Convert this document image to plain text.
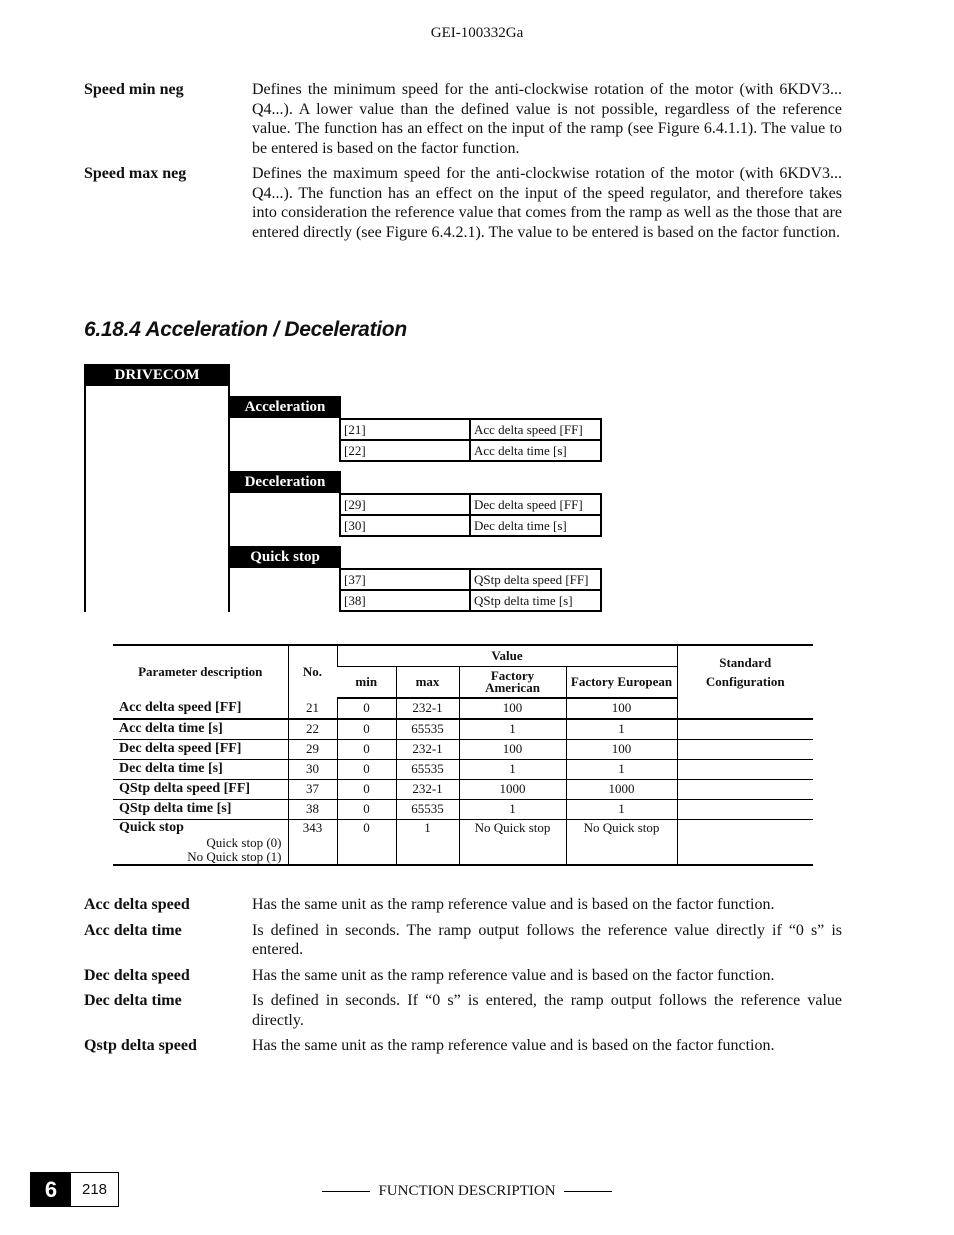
GEI-100332Ga
Speed min neg	Defines the minimum speed for the anti-clockwise rotation of the motor (with 6KDV3... Q4...). A lower value than the defined value is not possible, regardless of the reference value. The function has an effect on the input of the ramp (see Figure 6.4.1.1). The value to be entered is based on the factor function.
Speed max neg	Defines the maximum speed for the anti-clockwise rotation of the motor (with 6KDV3... Q4...). The function has an effect on the input of the speed regulator, and therefore takes into consideration the reference value that comes from the ramp as well as the those that are entered directly (see Figure 6.4.2.1). The value to be entered is based on the factor function.
6.18.4 Acceleration / Deceleration
DRIVECOM
Acceleration
[21]	Acc delta speed [FF]
[22]	Acc delta time [s]
Deceleration
[29]	Dec delta speed [FF]
[30]	Dec delta time [s]
Quick stop
[37]	QStp delta speed [FF]
[38]	QStp delta time [s]
Parameter description	No.	Value				Standard Configuration
		min	max	Factory American	Factory European	

Acc delta speed [FF]	21	0	232-1	100	100	

Acc delta time [s]	22	0	65535	1	1	

Dec delta speed [FF]	29	0	232-1	100	100	

Dec delta time [s]	30	0	65535	1	1	

QStp delta speed [FF]	37	0	232-1	1000	1000	

QStp delta time [s]	38	0	65535	1	1	

Quick stop
Quick stop (0)
No Quick stop (1)	343	0	1	No Quick stop	No Quick stop	
Acc delta speed	Has the same unit as the ramp reference value and is based on the factor function.
Acc delta time	Is defined in seconds. The ramp output follows the reference value directly if “0 s” is entered.
Dec delta speed	Has the same unit as the ramp reference value and is based on the factor function.
Dec delta time	Is defined in seconds. If “0 s” is entered, the ramp output follows the reference value directly.
Qstp delta speed	Has the same unit as the ramp reference value and is based on the factor function.
6	218	FUNCTION DESCRIPTION
